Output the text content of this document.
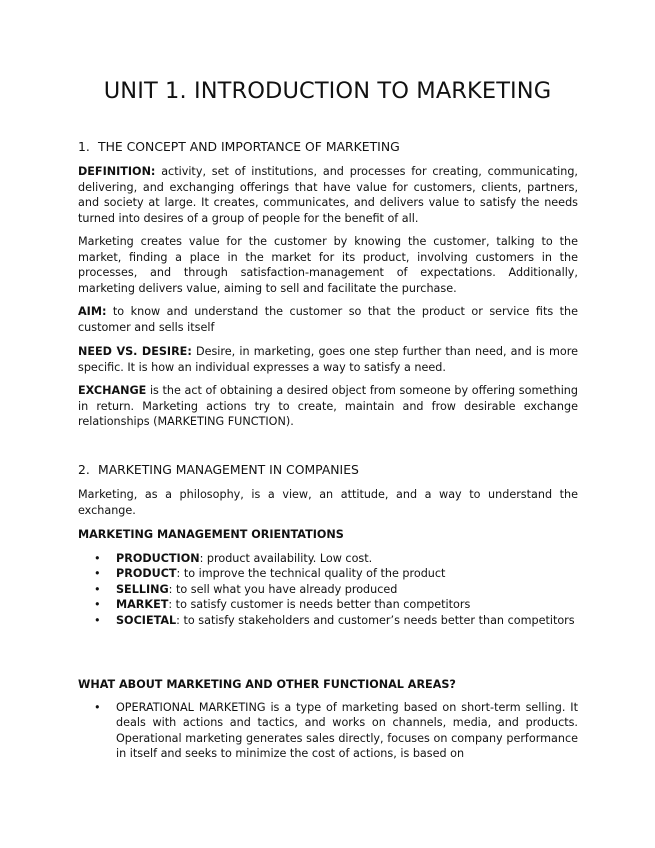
UNIT 1. INTRODUCTION TO MARKETING
1. THE CONCEPT AND IMPORTANCE OF MARKETING

DEFINITION: activity, set of institutions, and processes for creating, communicating, delivering, and exchanging offerings that have value for customers, clients, partners, and society at large. It creates, communicates, and delivers value to satisfy the needs turned into desires of a group of people for the benefit of all.

Marketing creates value for the customer by knowing the customer, talking to the market, finding a place in the market for its product, involving customers in the processes, and through satisfaction-management of expectations. Additionally, marketing delivers value, aiming to sell and facilitate the purchase.

AIM: to know and understand the customer so that the product or service fits the customer and sells itself

NEED VS. DESIRE: Desire, in marketing, goes one step further than need, and is more specific. It is how an individual expresses a way to satisfy a need.

EXCHANGE is the act of obtaining a desired object from someone by offering something in return. Marketing actions try to create, maintain and frow desirable exchange relationships (MARKETING FUNCTION).

2. MARKETING MANAGEMENT IN COMPANIES

Marketing, as a philosophy, is a view, an attitude, and a way to understand the exchange.

MARKETING MANAGEMENT ORIENTATIONS

• PRODUCTION: product availability. Low cost.
• PRODUCT: to improve the technical quality of the product
• SELLING: to sell what you have already produced
• MARKET: to satisfy customer is needs better than competitors
• SOCIETAL: to satisfy stakeholders and customer’s needs better than competitors

WHAT ABOUT MARKETING AND OTHER FUNCTIONAL AREAS?

• OPERATIONAL MARKETING is a type of marketing based on short-term selling. It deals with actions and tactics, and works on channels, media, and products. Operational marketing generates sales directly, focuses on company performance in itself and seeks to minimize the cost of actions, is based on
